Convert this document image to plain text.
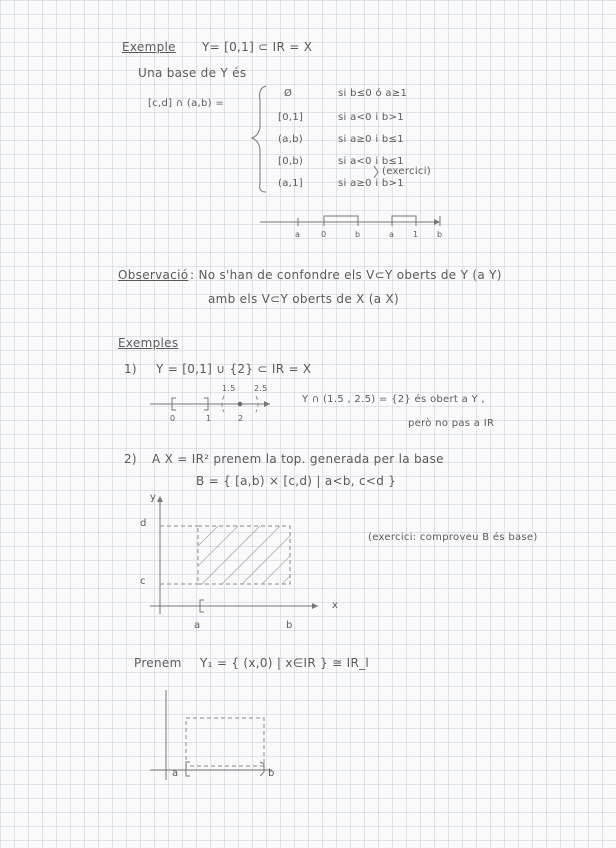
Exemple Y= [0,1] ⊂ IR = X
Una base de Y és
[c,d] ∩ (a,b) =
Ø	si b≤0 ó a≥1
[0,1]	si a<0 i b>1
(a,b)	si a≥0 i b≤1
[0,b)	si a<0 i b≤1
(a,1]	si a≥0 i b>1
(exercici)
a	0	b	a 1 b
Observació : No s'han de confondre els V⊂Y oberts de Y (a Y)
amb els V⊂Y oberts de X (a X)
Exemples
1) Y = [0,1] ∪ {2} ⊂ IR = X
1.5 2.5
0	1	2
Y ∩ (1.5 , 2.5) = {2} és obert a Y ,
però no pas a IR
2) A X = IR² prenem la top. generada per la base
B = { [a,b) × [c,d) | a<b, c<d }
y
x
d
c
a	b
(exercici: comproveu B és base)
Prenem Y₁ = { (x,0) | x∈IR } ≅ IR_l
a	b
